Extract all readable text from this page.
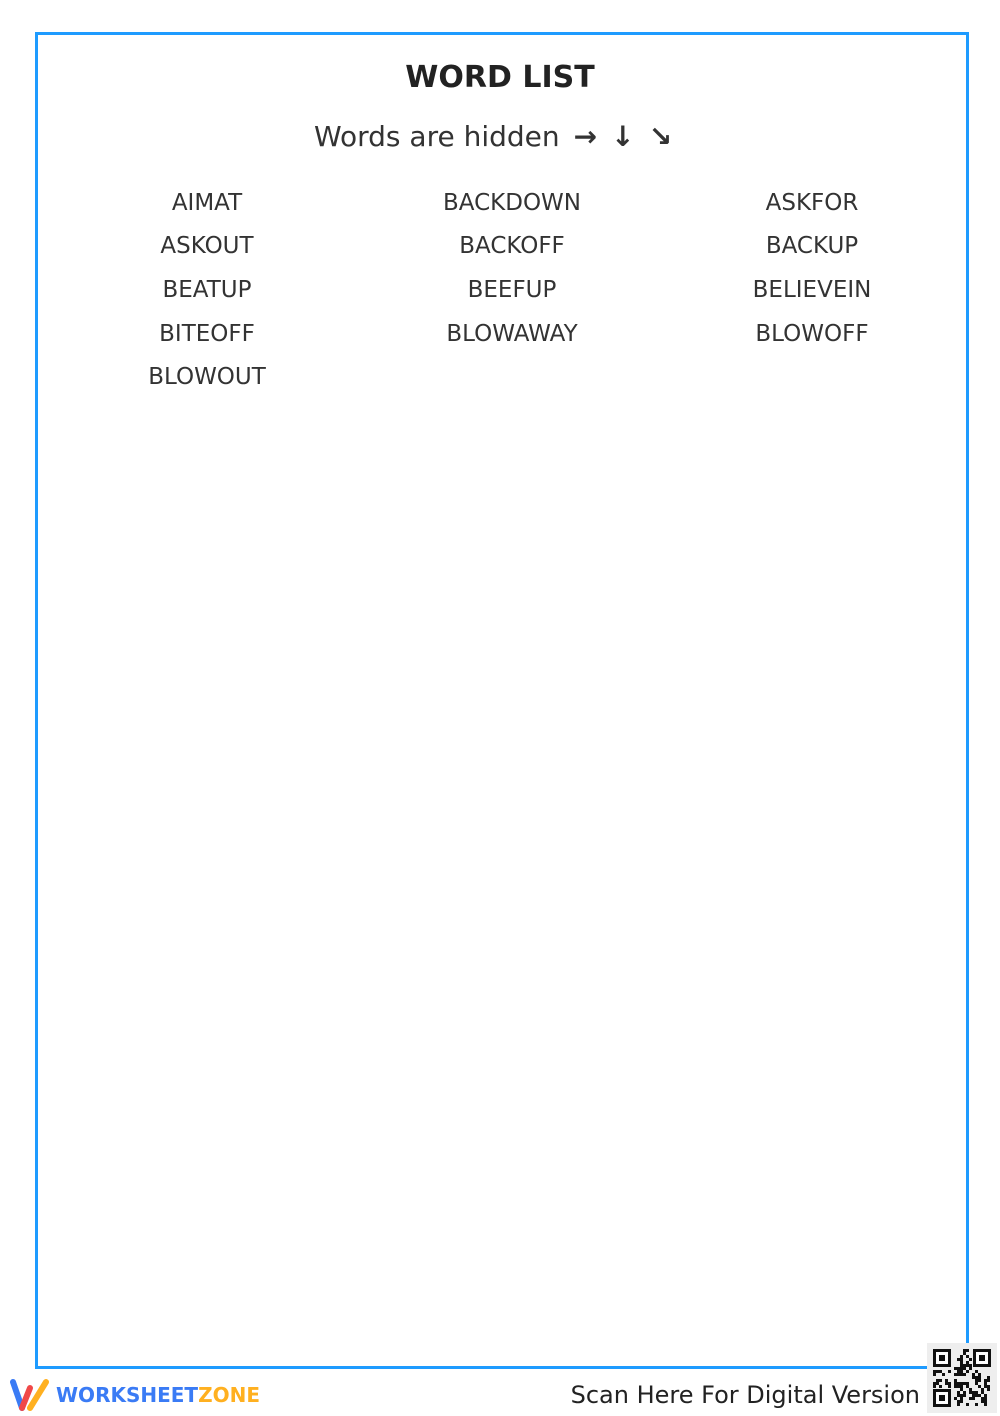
WORD LIST
Words are hidden →↓↘
AIMAT	BACKDOWN	ASKFOR
ASKOUT	BACKOFF	BACKUP
BEATUP	BEEFUP	BELIEVEIN
BITEOFF	BLOWAWAY	BLOWOFF
BLOWOUT
WORKSHEET ZONE	Scan Here For Digital Version
